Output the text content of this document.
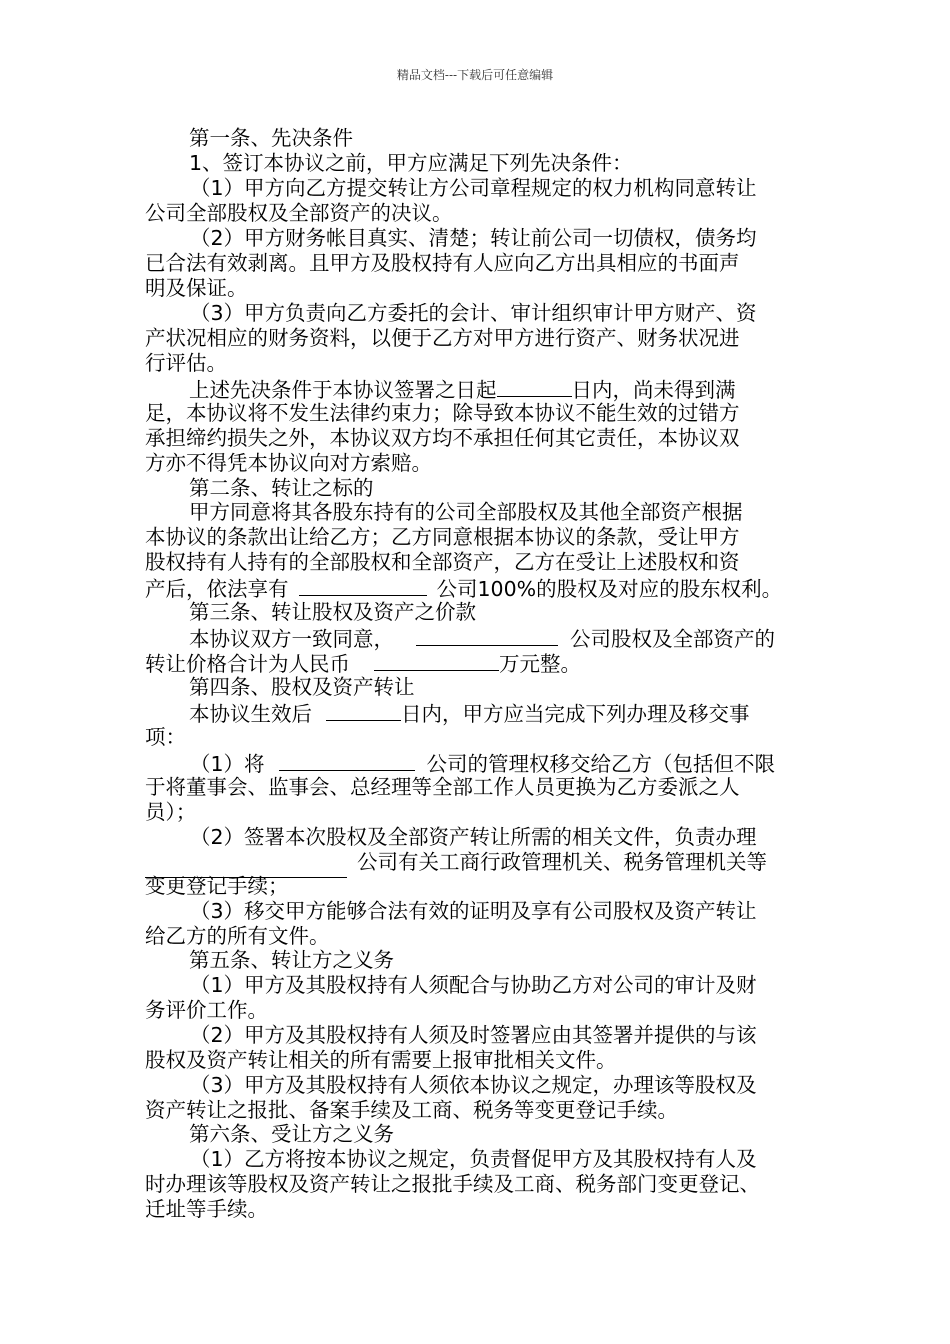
精品文档---下载后可任意编辑
第一条、先决条件
1、签订本协议之前，甲方应满足下列先决条件：
（1）甲方向乙方提交转让方公司章程规定的权力机构同意转让
公司全部股权及全部资产的决议。
（2）甲方财务帐目真实、清楚；转让前公司一切债权，债务均
已合法有效剥离。且甲方及股权持有人应向乙方出具相应的书面声
明及保证。
（3）甲方负责向乙方委托的会计、审计组织审计甲方财产、资
产状况相应的财务资料，以便于乙方对甲方进行资产、财务状况进
行评估。
上述先决条件于本协议签署之日起	日内，尚未得到满
足，本协议将不发生法律约束力；除导致本协议不能生效的过错方
承担缔约损失之外，本协议双方均不承担任何其它责任，本协议双
方亦不得凭本协议向对方索赔。
第二条、转让之标的
甲方同意将其各股东持有的公司全部股权及其他全部资产根据
本协议的条款出让给乙方；乙方同意根据本协议的条款，受让甲方
股权持有人持有的全部股权和全部资产，乙方在受让上述股权和资
产后，依法享有	公司100%的股权及对应的股东权利。
第三条、转让股权及资产之价款
本协议双方一致同意，	公司股权及全部资产的
转让价格合计为人民币	万元整。
第四条、股权及资产转让
本协议生效后	日内，甲方应当完成下列办理及移交事
项：
（1）将	公司的管理权移交给乙方（包括但不限
于将董事会、监事会、总经理等全部工作人员更换为乙方委派之人
员）；
（2）签署本次股权及全部资产转让所需的相关文件，负责办理
公司有关工商行政管理机关、税务管理机关等
变更登记手续；
（3）移交甲方能够合法有效的证明及享有公司股权及资产转让
给乙方的所有文件。
第五条、转让方之义务
（1）甲方及其股权持有人须配合与协助乙方对公司的审计及财
务评价工作。
（2）甲方及其股权持有人须及时签署应由其签署并提供的与该
股权及资产转让相关的所有需要上报审批相关文件。
（3）甲方及其股权持有人须依本协议之规定，办理该等股权及
资产转让之报批、备案手续及工商、税务等变更登记手续。
第六条、受让方之义务
（1）乙方将按本协议之规定，负责督促甲方及其股权持有人及
时办理该等股权及资产转让之报批手续及工商、税务部门变更登记、
迁址等手续。
